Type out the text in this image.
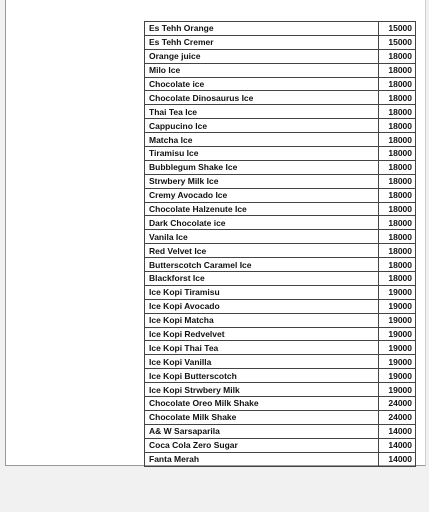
Es Tehh Orange	15000
Es Tehh Cremer	15000
Orange juice	18000
Milo Ice	18000
Chocolate ice	18000
Chocolate Dinosaurus Ice	18000
Thai Tea Ice	18000
Cappucino Ice	18000
Matcha Ice	18000
Tiramisu Ice	18000
Bubblegum Shake Ice	18000
Strwbery Milk Ice	18000
Cremy Avocado Ice	18000
Chocolate Halzenute Ice	18000
Dark Chocolate ice	18000
Vanila Ice	18000
Red Velvet Ice	18000
Butterscotch Caramel Ice	18000
Blackforst Ice	18000
Ice Kopi Tiramisu	19000
Ice Kopi Avocado	19000
Ice Kopi Matcha	19000
Ice Kopi Redvelvet	19000
Ice Kopi Thai Tea	19000
Ice Kopi Vanilla	19000
Ice Kopi Butterscotch	19000
Ice Kopi Strwbery Milk	19000
Chocolate Oreo Milk Shake	24000
Chocolate Milk Shake	24000
A& W Sarsaparila	14000
Coca Cola Zero Sugar	14000
Fanta Merah	14000
